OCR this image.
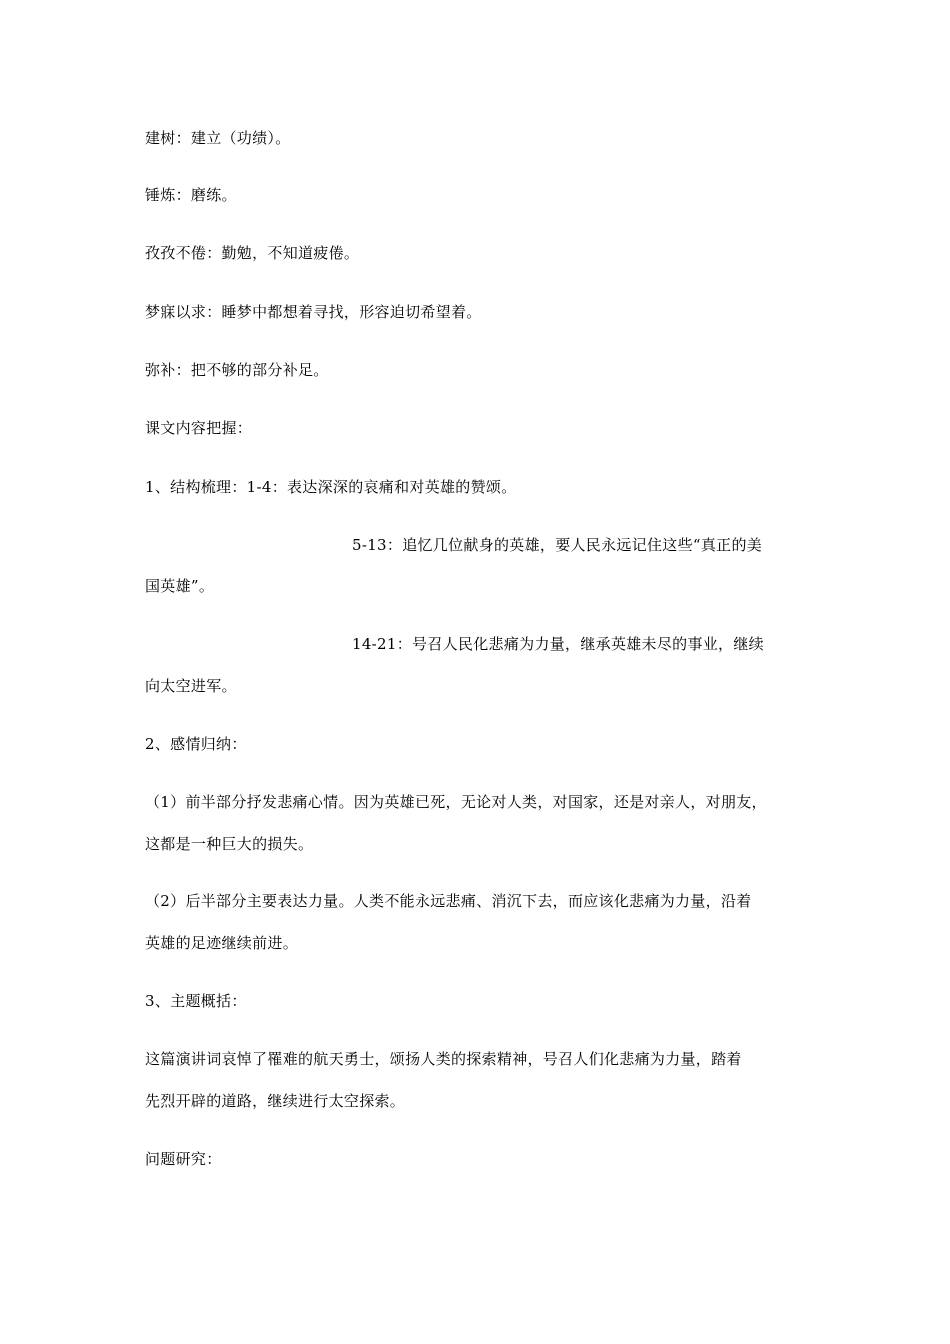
建树：建立（功绩）。
锤炼：磨练。
孜孜不倦：勤勉，不知道疲倦。
梦寐以求：睡梦中都想着寻找，形容迫切希望着。
弥补：把不够的部分补足。
课文内容把握：
1、结构梳理：1-4：表达深深的哀痛和对英雄的赞颂。
5-13：追忆几位献身的英雄，要人民永远记住这些“真正的美
国英雄”。
14-21：号召人民化悲痛为力量，继承英雄未尽的事业，继续
向太空进军。
2、感情归纳：
（1）前半部分抒发悲痛心情。因为英雄已死，无论对人类，对国家，还是对亲人，对朋友，
这都是一种巨大的损失。
（2）后半部分主要表达力量。人类不能永远悲痛、消沉下去，而应该化悲痛为力量，沿着
英雄的足迹继续前进。
3、主题概括：
这篇演讲词哀悼了罹难的航天勇士，颂扬人类的探索精神，号召人们化悲痛为力量，踏着
先烈开辟的道路，继续进行太空探索。
问题研究：
